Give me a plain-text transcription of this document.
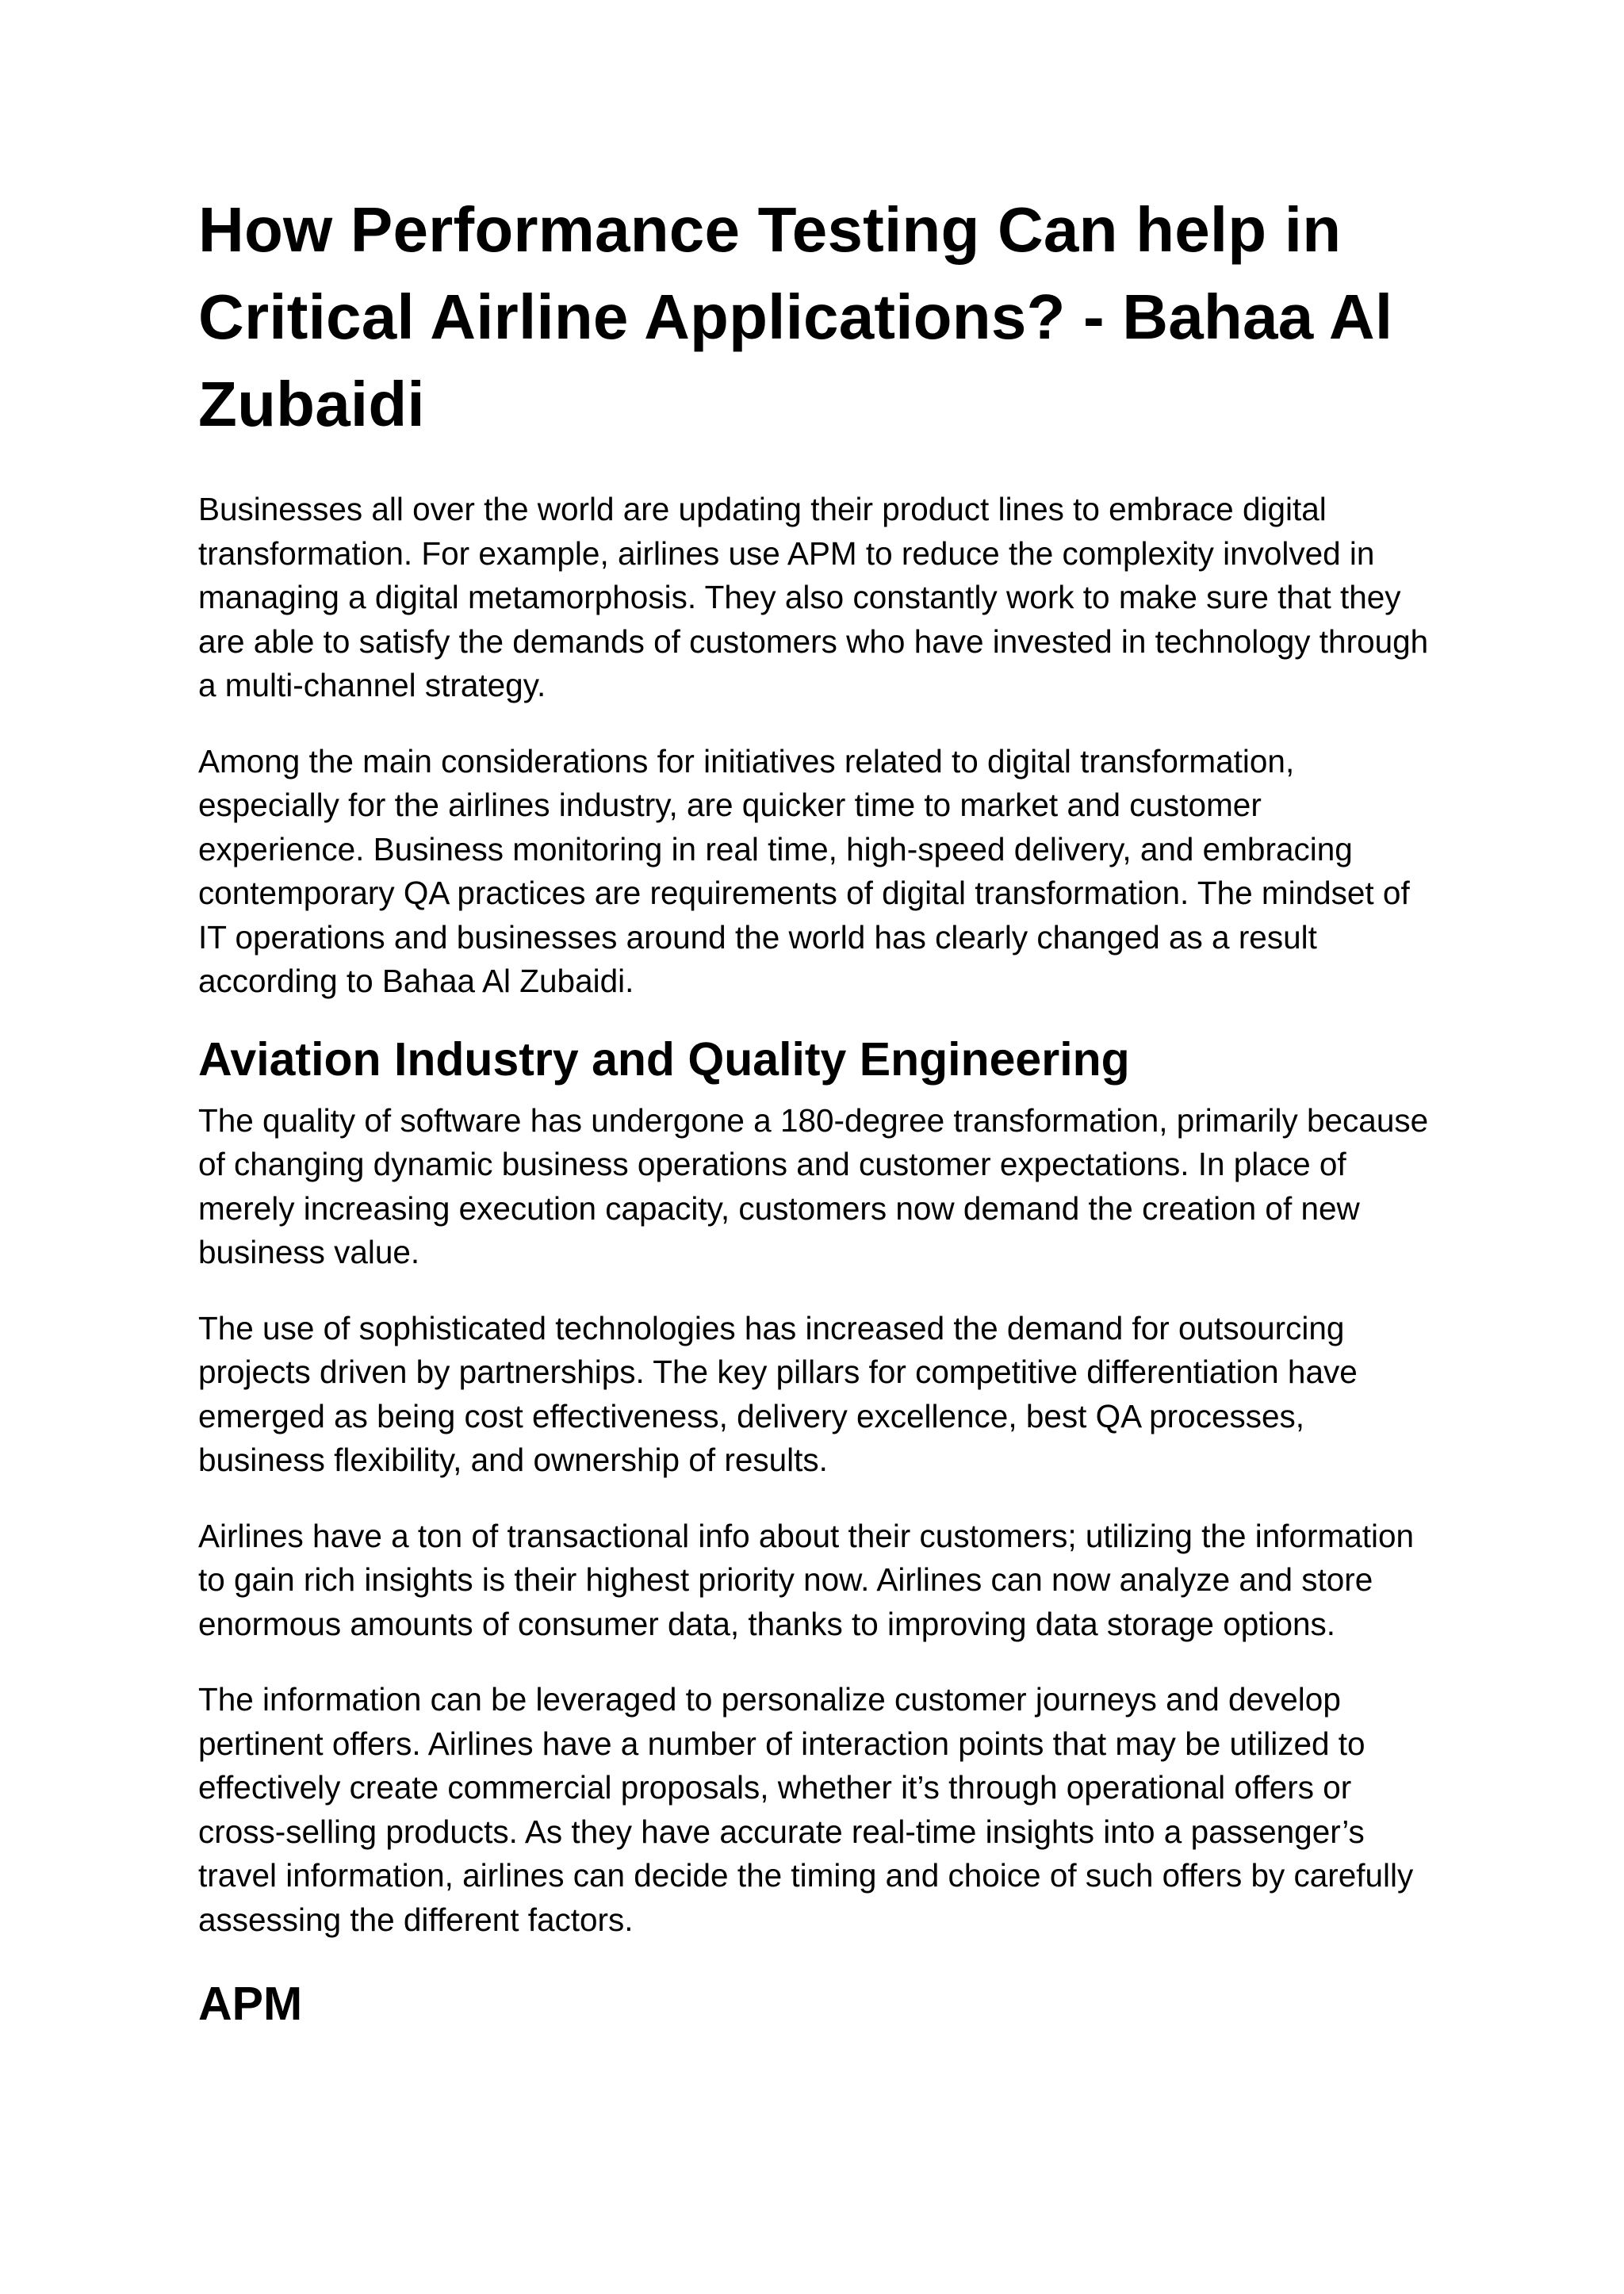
How Performance Testing Can help in Critical Airline Applications? - Bahaa Al Zubaidi

Businesses all over the world are updating their product lines to embrace digital transformation. For example, airlines use APM to reduce the complexity involved in managing a digital metamorphosis. They also constantly work to make sure that they are able to satisfy the demands of customers who have invested in technology through a multi-channel strategy.

Among the main considerations for initiatives related to digital transformation, especially for the airlines industry, are quicker time to market and customer experience. Business monitoring in real time, high-speed delivery, and embracing contemporary QA practices are requirements of digital transformation. The mindset of IT operations and businesses around the world has clearly changed as a result according to Bahaa Al Zubaidi.

Aviation Industry and Quality Engineering

The quality of software has undergone a 180-degree transformation, primarily because of changing dynamic business operations and customer expectations. In place of merely increasing execution capacity, customers now demand the creation of new business value.

The use of sophisticated technologies has increased the demand for outsourcing projects driven by partnerships. The key pillars for competitive differentiation have emerged as being cost effectiveness, delivery excellence, best QA processes, business flexibility, and ownership of results.

Airlines have a ton of transactional info about their customers; utilizing the information to gain rich insights is their highest priority now. Airlines can now analyze and store enormous amounts of consumer data, thanks to improving data storage options.

The information can be leveraged to personalize customer journeys and develop pertinent offers. Airlines have a number of interaction points that may be utilized to effectively create commercial proposals, whether it’s through operational offers or cross-selling products. As they have accurate real-time insights into a passenger’s travel information, airlines can decide the timing and choice of such offers by carefully assessing the different factors.

APM
